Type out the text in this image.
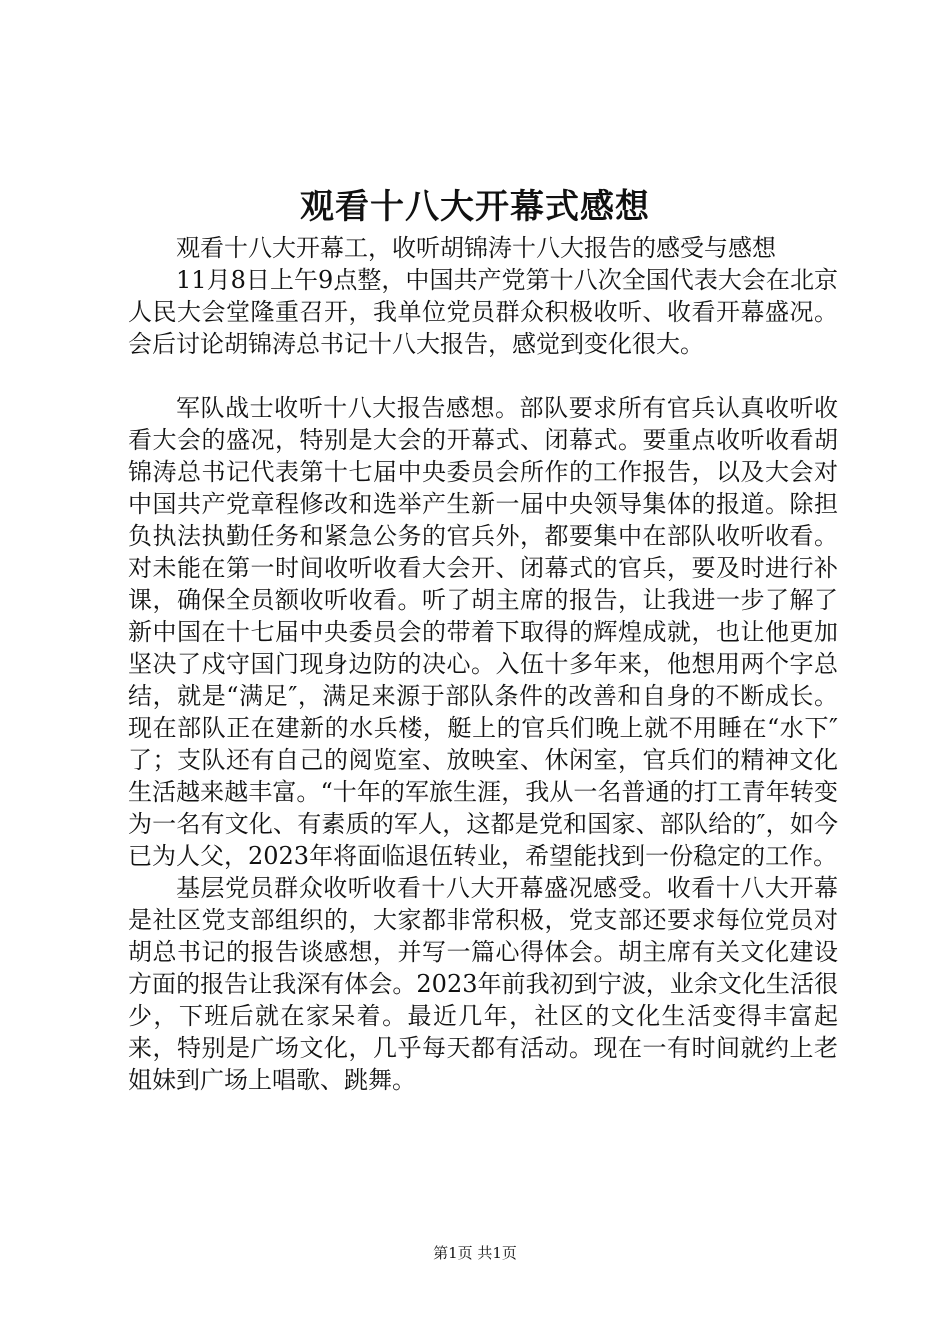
观看十八大开幕式感想

观看十八大开幕工，收听胡锦涛十八大报告的感受与感想

11月8日上午9点整，中国共产党第十八次全国代表大会在北京人民大会堂隆重召开，我单位党员群众积极收听、收看开幕盛况。会后讨论胡锦涛总书记十八大报告，感觉到变化很大。

军队战士收听十八大报告感想。部队要求所有官兵认真收听收看大会的盛况，特别是大会的开幕式、闭幕式。要重点收听收看胡锦涛总书记代表第十七届中央委员会所作的工作报告，以及大会对中国共产党章程修改和选举产生新一届中央领导集体的报道。除担负执法执勤任务和紧急公务的官兵外，都要集中在部队收听收看。对未能在第一时间收听收看大会开、闭幕式的官兵，要及时进行补课，确保全员额收听收看。听了胡主席的报告，让我进一步了解了新中国在十七届中央委员会的带着下取得的辉煌成就，也让他更加坚决了戍守国门现身边防的决心。入伍十多年来，他想用两个字总结，就是“满足″，满足来源于部队条件的改善和自身的不断成长。现在部队正在建新的水兵楼，艇上的官兵们晚上就不用睡在“水下″了；支队还有自己的阅览室、放映室、休闲室，官兵们的精神文化生活越来越丰富。“十年的军旅生涯，我从一名普通的打工青年转变为一名有文化、有素质的军人，这都是党和国家、部队给的″，如今已为人父，2023年将面临退伍转业，希望能找到一份稳定的工作。

基层党员群众收听收看十八大开幕盛况感受。收看十八大开幕是社区党支部组织的，大家都非常积极，党支部还要求每位党员对胡总书记的报告谈感想，并写一篇心得体会。胡主席有关文化建设方面的报告让我深有体会。2023年前我初到宁波，业余文化生活很少，下班后就在家呆着。最近几年，社区的文化生活变得丰富起来，特别是广场文化，几乎每天都有活动。现在一有时间就约上老姐妹到广场上唱歌、跳舞。

第1页 共1页
